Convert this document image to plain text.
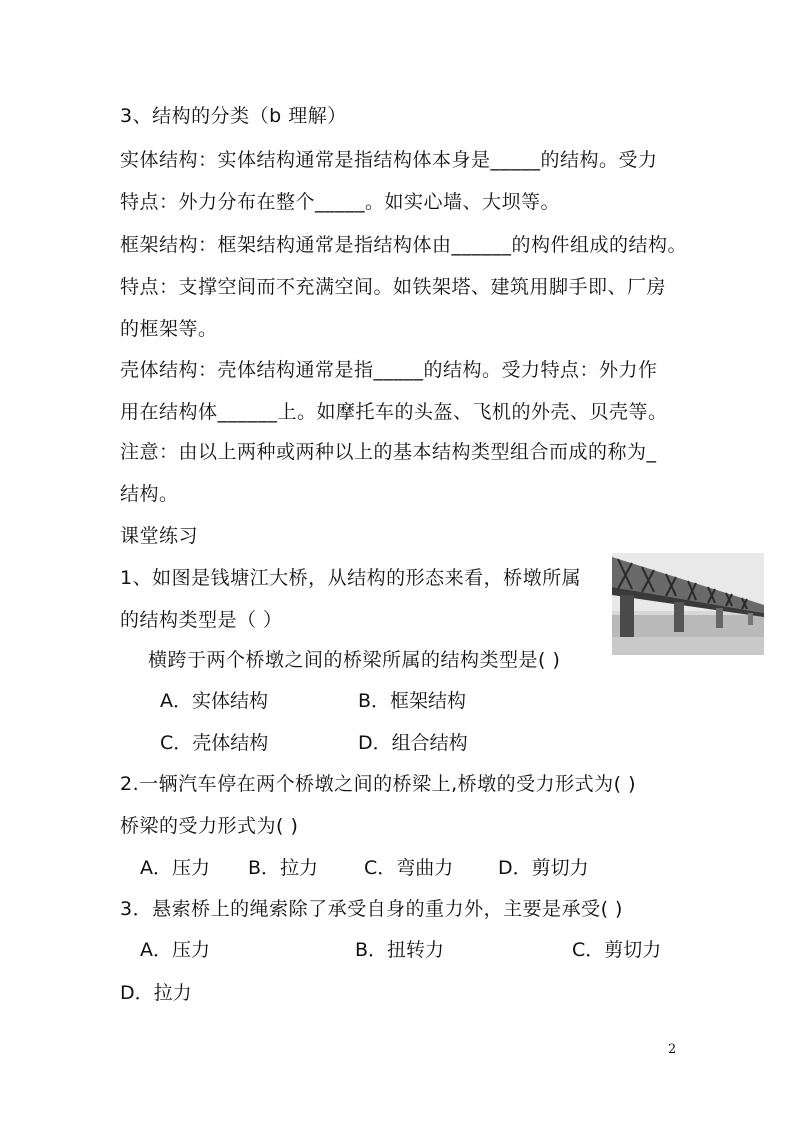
3、结构的分类（b 理解）
实体结构：实体结构通常是指结构体本身是_____的结构。受力
特点：外力分布在整个_____。如实心墙、大坝等。
框架结构：框架结构通常是指结构体由______的构件组成的结构。
特点：支撑空间而不充满空间。如铁架塔、建筑用脚手即、厂房
的框架等。
壳体结构：壳体结构通常是指_____的结构。受力特点：外力作
用在结构体______上。如摩托车的头盔、飞机的外壳、贝壳等。
注意：由以上两种或两种以上的基本结构类型组合而成的称为_
结构。
课堂练习
1、如图是钱塘江大桥，从结构的形态来看，桥墩所属
的结构类型是（ ）
横跨于两个桥墩之间的桥梁所属的结构类型是( )
A．实体结构	B．框架结构
C．壳体结构	D．组合结构
2.一辆汽车停在两个桥墩之间的桥梁上,桥墩的受力形式为( )
桥梁的受力形式为( )
A．压力 B．拉力 C．弯曲力 D．剪切力
3．悬索桥上的绳索除了承受自身的重力外，主要是承受( )
A．压力	B．扭转力	C．剪切力
D．拉力
2
